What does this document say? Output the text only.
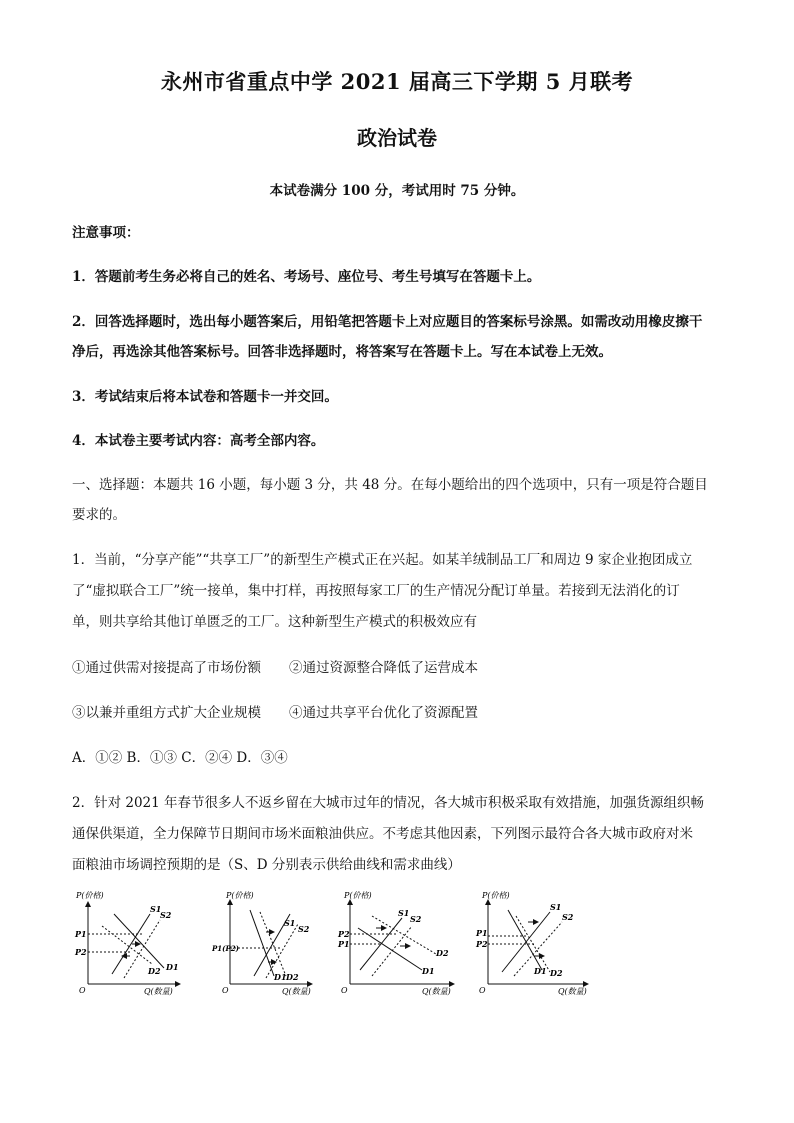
永州市省重点中学 2021 届高三下学期 5 月联考
政治试卷
本试卷满分 100 分，考试用时 75 分钟。
注意事项：
1．答题前考生务必将自己的姓名、考场号、座位号、考生号填写在答题卡上。
2．回答选择题时，选出每小题答案后，用铅笔把答题卡上对应题目的答案标号涂黑。如需改动用橡皮擦干
净后，再选涂其他答案标号。回答非选择题时，将答案写在答题卡上。写在本试卷上无效。
3．考试结束后将本试卷和答题卡一并交回。
4．本试卷主要考试内容：高考全部内容。
一、选择题：本题共 16 小题，每小题 3 分，共 48 分。在每小题给出的四个选项中，只有一项是符合题目
要求的。
1．当前，“分享产能”“共享工厂”的新型生产模式正在兴起。如某羊绒制品工厂和周边 9 家企业抱团成立
了“虚拟联合工厂”统一接单，集中打样，再按照每家工厂的生产情况分配订单量。若接到无法消化的订
单，则共享给其他订单匮乏的工厂。这种新型生产模式的积极效应有
①通过供需对接提高了市场份额 ②通过资源整合降低了运营成本
③以兼并重组方式扩大企业规模 ④通过共享平台优化了资源配置
A．①② B．①③ C．②④ D．③④
2．针对 2021 年春节很多人不返乡留在大城市过年的情况，各大城市积极采取有效措施，加强货源组织畅
通保供渠道，全力保障节日期间市场米面粮油供应。不考虑其他因素，下列图示最符合各大城市政府对米
面粮油市场调控预期的是（S、D 分别表示供给曲线和需求曲线）
P(价格)
Q(数量)
O
P1
P2
S1
S2
D1
D2
P(价格)
Q(数量)
O
P1(P2)
S1
S2
D1 D2
P(价格)
Q(数量)
O
P2
P1
S1
S2
D1
D2
P(价格)
Q(数量)
O
P1
P2
S1
S2
D1 D2
